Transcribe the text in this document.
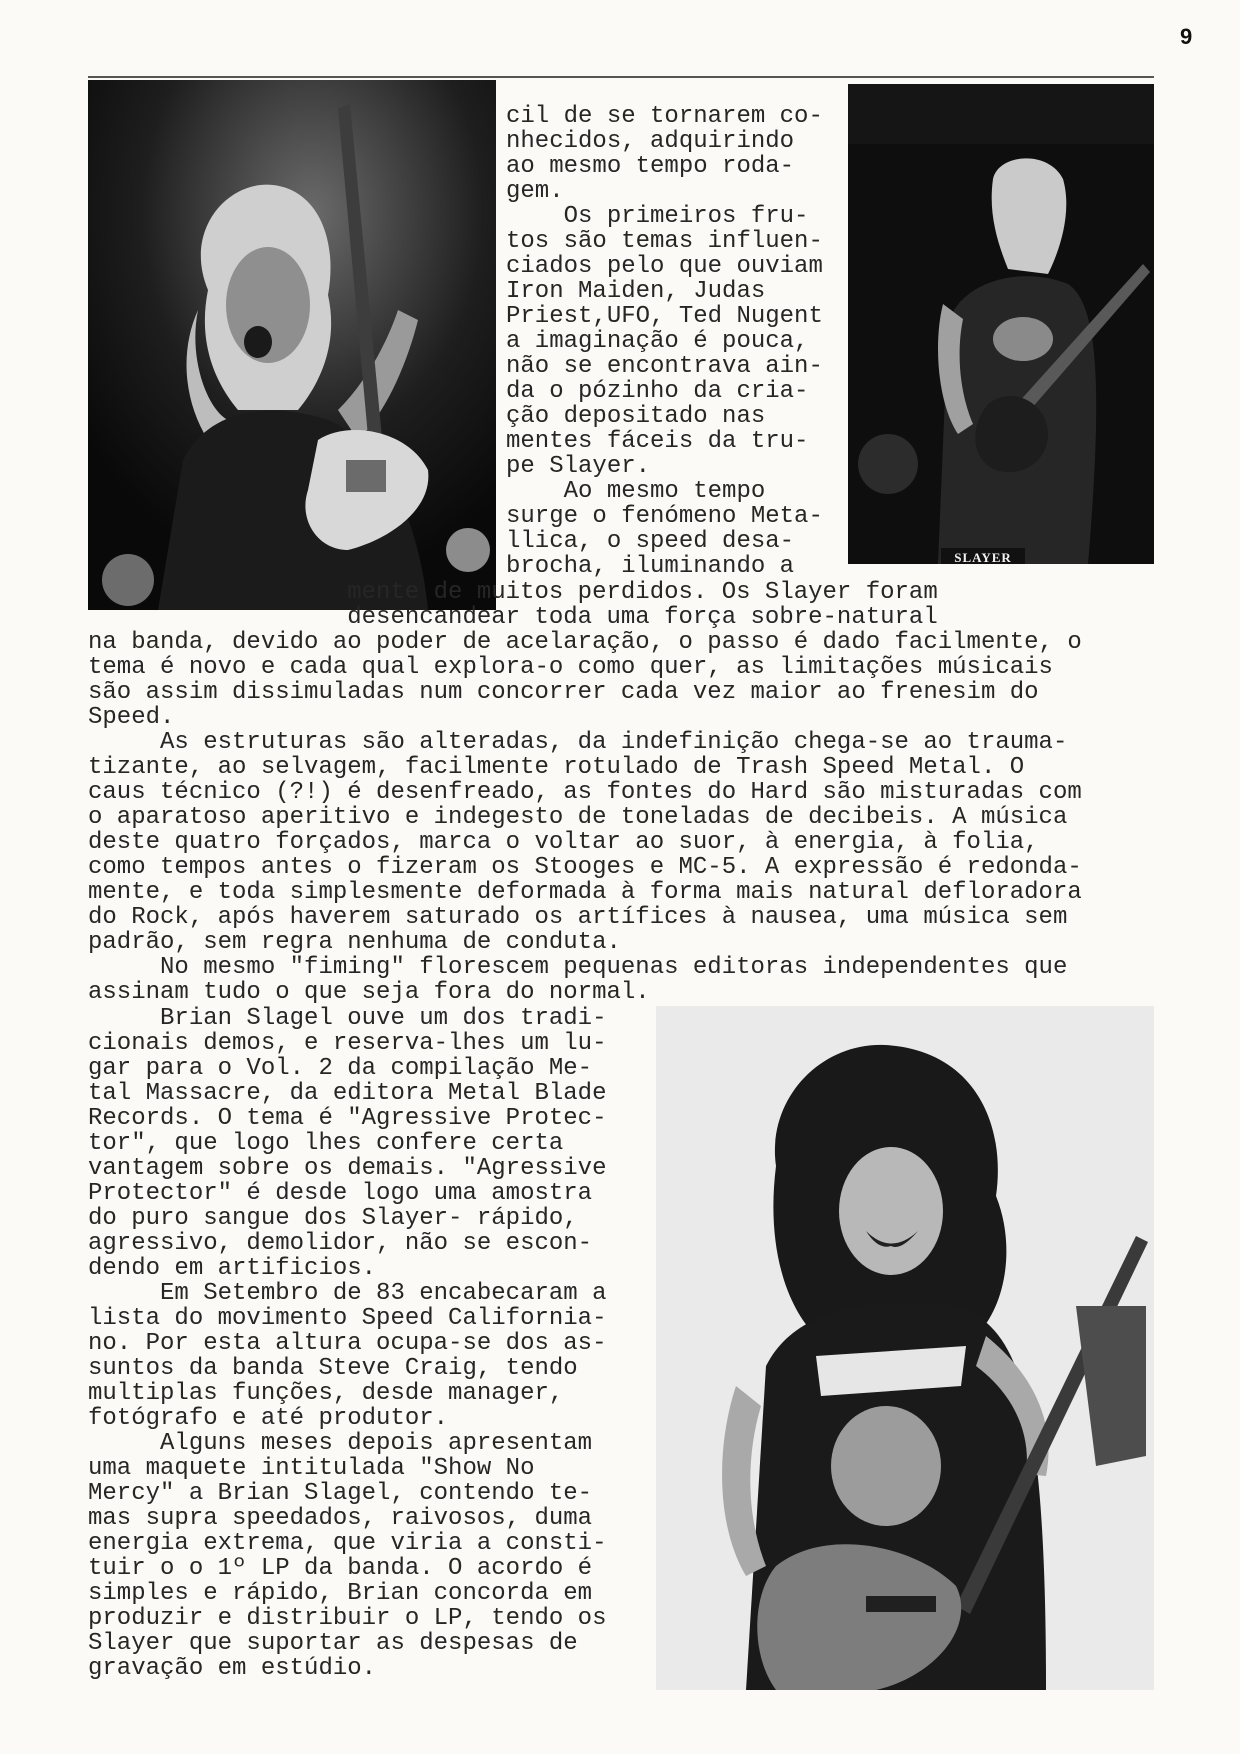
9
SLAYER
cil de se tornarem co-
nhecidos, adquirindo
ao mesmo tempo roda-
gem.
Os primeiros fru-
tos são temas influen-
ciados pelo que ouviam
Iron Maiden, Judas
Priest,UFO, Ted Nugent
a imaginação é pouca,
não se encontrava ain-
da o pózinho da cria-
ção depositado nas
mentes fáceis da tru-
pe Slayer.
Ao mesmo tempo
surge o fenómeno Meta-
llica, o speed desa-
brocha, iluminando a
mente de muitos perdidos. Os Slayer foram
desencandear toda uma força sobre-natural
na banda, devido ao poder de acelaração, o passo é dado facilmente, o
tema é novo e cada qual explora-o como quer, as limitações músicais
são assim dissimuladas num concorrer cada vez maior ao frenesim do
Speed.
As estruturas são alteradas, da indefinição chega-se ao trauma-
tizante, ao selvagem, facilmente rotulado de Trash Speed Metal. O
caus técnico (?!) é desenfreado, as fontes do Hard são misturadas com
o aparatoso aperitivo e indegesto de toneladas de decibeis. A música
deste quatro forçados, marca o voltar ao suor, à energia, à folia,
como tempos antes o fizeram os Stooges e MC-5. A expressão é redonda-
mente, e toda simplesmente deformada à forma mais natural defloradora
do Rock, após haverem saturado os artífices à nausea, uma música sem
padrão, sem regra nenhuma de conduta.
No mesmo "fiming" florescem pequenas editoras independentes que
assinam tudo o que seja fora do normal.
Brian Slagel ouve um dos tradi-
cionais demos, e reserva-lhes um lu-
gar para o Vol. 2 da compilação Me-
tal Massacre, da editora Metal Blade
Records. O tema é "Agressive Protec-
tor", que logo lhes confere certa
vantagem sobre os demais. "Agressive
Protector" é desde logo uma amostra
do puro sangue dos Slayer- rápido,
agressivo, demolidor, não se escon-
dendo em artificios.
Em Setembro de 83 encabecaram a
lista do movimento Speed Californiа-
no. Por esta altura ocupa-se dos as-
suntos da banda Steve Craig, tendo
multiplas funções, desde manager,
fotógrafo e até produtor.
Alguns meses depois apresentam
uma maquete intitulada "Show No
Mercy" a Brian Slagel, contendo te-
mas supra speedados, raivosos, duma
energia extrema, que viria a consti-
tuir o o 1º LP da banda. O acordo é
simples e rápido, Brian concorda em
produzir e distribuir o LP, tendo os
Slayer que suportar as despesas de
gravação em estúdio.
